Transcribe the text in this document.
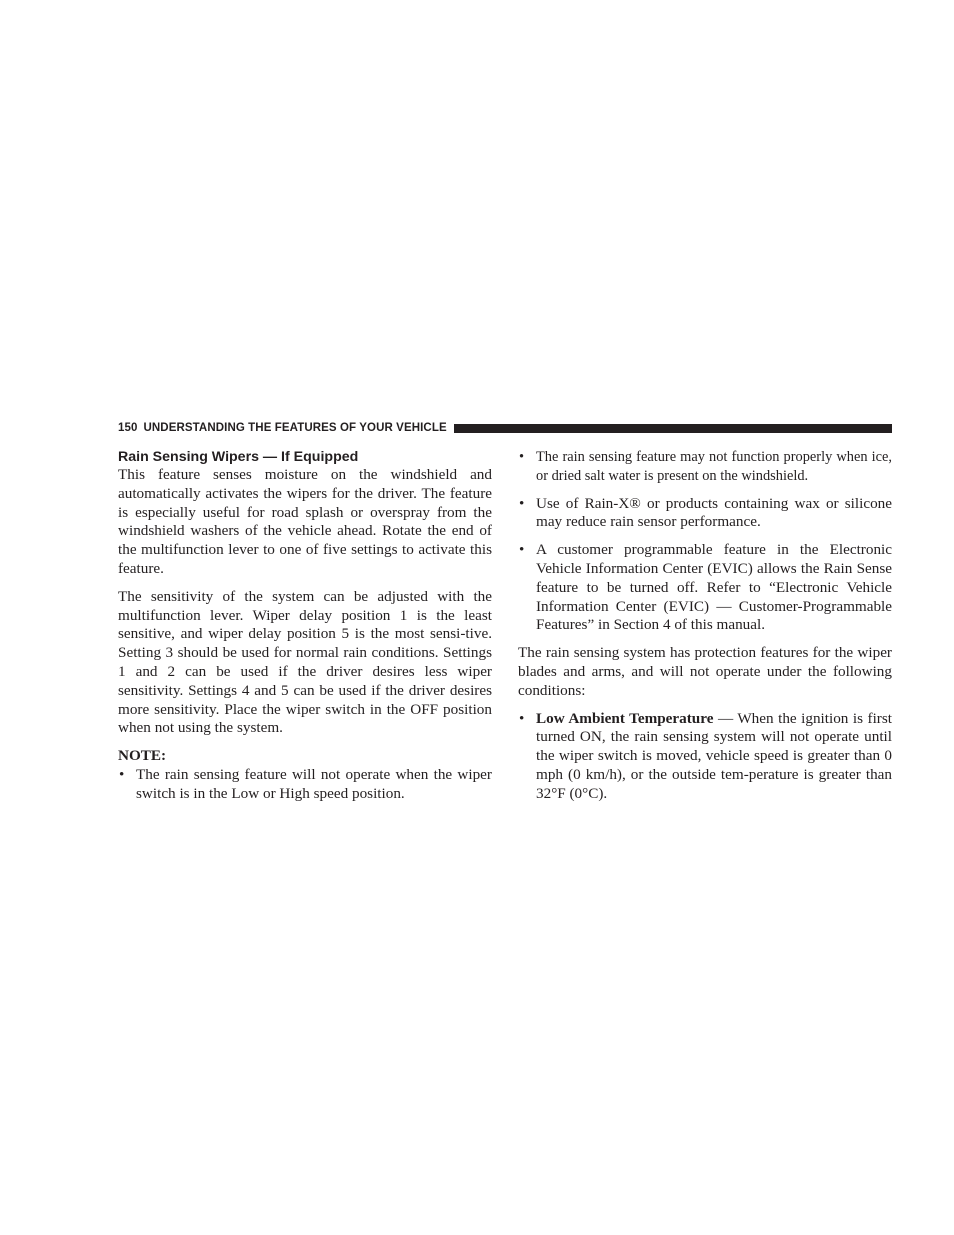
150 UNDERSTANDING THE FEATURES OF YOUR VEHICLE
Rain Sensing Wipers — If Equipped

This feature senses moisture on the windshield and automatically activates the wipers for the driver. The feature is especially useful for road splash or overspray from the windshield washers of the vehicle ahead. Rotate the end of the multifunction lever to one of five settings to activate this feature.

The sensitivity of the system can be adjusted with the multifunction lever. Wiper delay position 1 is the least sensitive, and wiper delay position 5 is the most sensi-tive. Setting 3 should be used for normal rain conditions. Settings 1 and 2 can be used if the driver desires less wiper sensitivity. Settings 4 and 5 can be used if the driver desires more sensitivity. Place the wiper switch in the OFF position when not using the system.

NOTE:
• The rain sensing feature will not operate when the wiper switch is in the Low or High speed position.
• The rain sensing feature may not function properly when ice, or dried salt water is present on the windshield.
• Use of Rain-X® or products containing wax or silicone may reduce rain sensor performance.
• A customer programmable feature in the Electronic Vehicle Information Center (EVIC) allows the Rain Sense feature to be turned off. Refer to “Electronic Vehicle Information Center (EVIC) — Customer-Programmable Features” in Section 4 of this manual.

The rain sensing system has protection features for the wiper blades and arms, and will not operate under the following conditions:

• Low Ambient Temperature — When the ignition is first turned ON, the rain sensing system will not operate until the wiper switch is moved, vehicle speed is greater than 0 mph (0 km/h), or the outside tem-perature is greater than 32°F (0°C).
